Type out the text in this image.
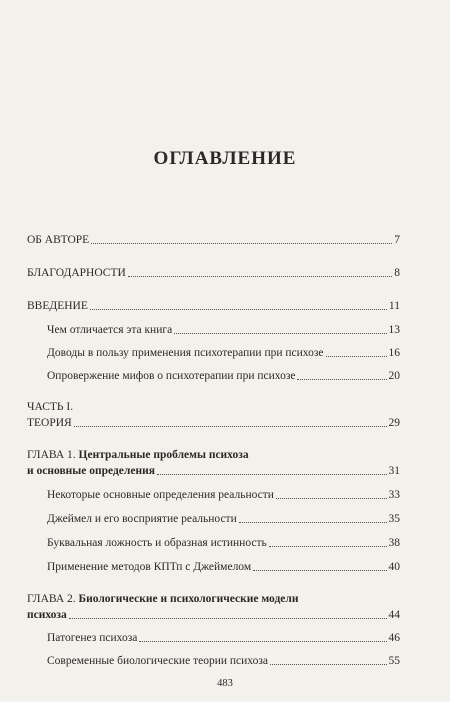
ОГЛАВЛЕНИЕ
ОБ АВТОРЕ	7
БЛАГОДАРНОСТИ	8
ВВЕДЕНИЕ	11
Чем отличается эта книга	13
Доводы в пользу применения психотерапии при психозе	16
Опровержение мифов о психотерапии при психозе	20
ЧАСТЬ I.
ТЕОРИЯ	29
ГЛАВА 1. Центральные проблемы психоза
и основные определения	31
Некоторые основные определения реальности	33
Джеймел и его восприятие реальности	35
Буквальная ложность и образная истинность	38
Применение методов КПТп с Джеймелом	40
ГЛАВА 2. Биологические и психологические модели
психоза	44
Патогенез психоза	46
Современные биологические теории психоза	55
483
